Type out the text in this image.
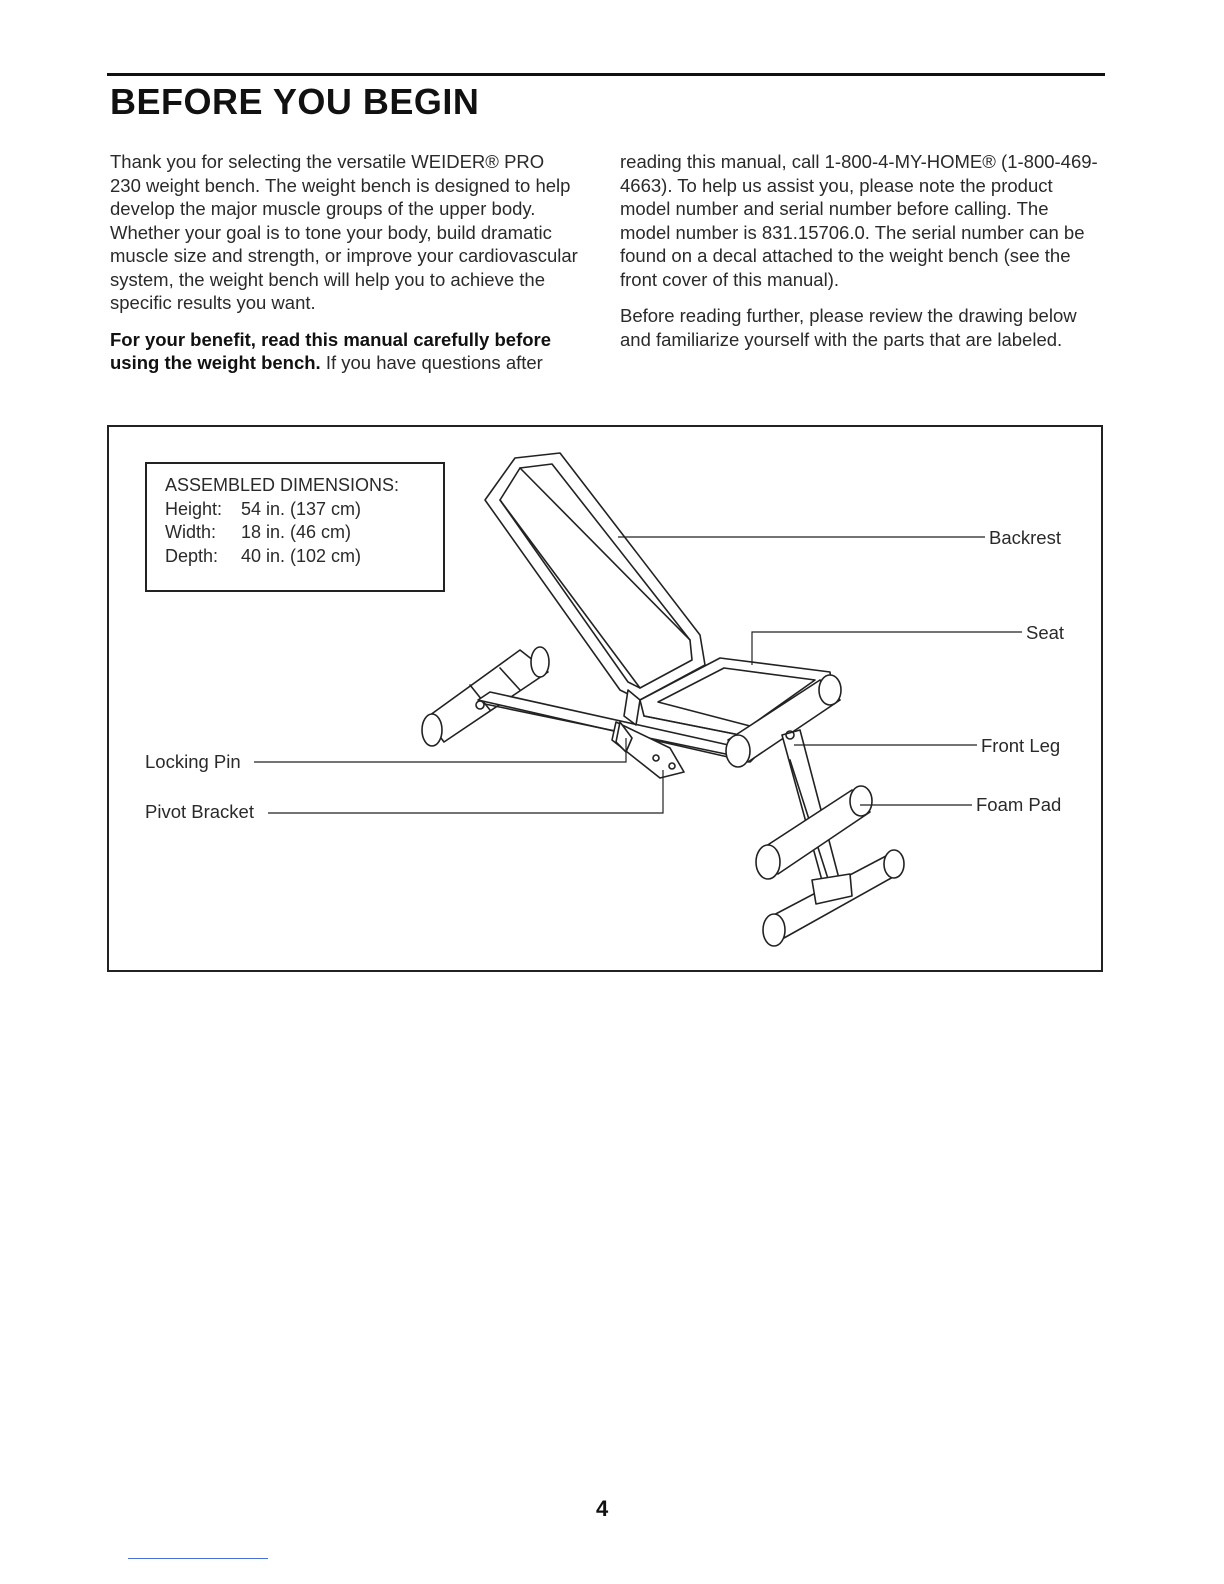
BEFORE YOU BEGIN

Thank you for selecting the versatile WEIDER® PRO 230 weight bench. The weight bench is designed to help develop the major muscle groups of the upper body. Whether your goal is to tone your body, build dramatic muscle size and strength, or improve your cardiovascular system, the weight bench will help you to achieve the specific results you want.

For your benefit, read this manual carefully before using the weight bench. If you have questions after

reading this manual, call 1-800-4-MY-HOME® (1-800-469-4663). To help us assist you, please note the product model number and serial number before calling. The model number is 831.15706.0. The serial number can be found on a decal attached to the weight bench (see the front cover of this manual).

Before reading further, please review the drawing below and familiarize yourself with the parts that are labeled.

ASSEMBLED DIMENSIONS:
Height: 54 in. (137 cm)
Width: 18 in. (46 cm)
Depth: 40 in. (102 cm)
Backrest
Seat
Front Leg
Foam Pad
Locking Pin
Pivot Bracket
4
